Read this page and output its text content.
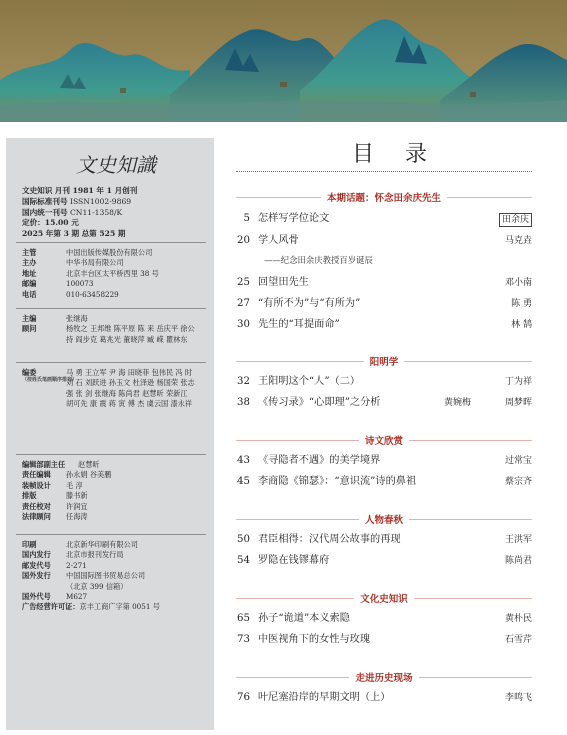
文史知識
文史知识 月刊 1981 年 1 月创刊
国际标准刊号 ISSN1002-9869
国内统一刊号 CN11-1358/K
定价：15.00 元
2025 年第 3 期 总第 525 期
主管	中国出版传媒股份有限公司
主办	中华书局有限公司
地址	北京丰台区太平桥西里 38 号
邮编	100073
电话	010-63458229
主编	张继海
顾问	杨牧之 王邦维 陈平原 陈 来 岳庆平 徐公持 阎步克 葛兆光 董晓萍 臧 嵘 瞿林东
编委
（按姓氏笔画顺序排列）
马 勇 王立军 尹 海 田晓菲 包伟民 冯 时 刘 石 刘跃进 孙玉文 杜泽逊 杨国荣 张志强 张 剑 张继海 陈尚君 赵慧昕 荣新江 胡可先 康 震 蒋 寅 傅 杰 虞云国 漆永祥
编辑部副主任	赵慧昕
责任编辑	孙永娟 谷美鹏
装帧设计	毛 淳
排版	滕书新
责任校对	许润宜
法律顾问	任海涛
印刷	北京新华印刷有限公司
国内发行	北京市报刊发行局
邮发代号	2-271
国外发行	中国国际图书贸易总公司
（北京 399 信箱）
国外代号	M627
广告经营许可证： 京丰工商广字第 0051 号
目 录
本期话题：怀念田余庆先生
5 怎样写学位论文	田余庆
20 学人风骨	马克垚
——纪念田余庆教授百岁诞辰
25 回望田先生	邓小南
27 “有所不为”与“有所为”	陈 勇
30 先生的“耳提面命”	林 鹄
阳明学
32 王阳明这个“人”（二）	丁为祥
38 《传习录》“心即理”之分析	黄婉梅	周梦晖
诗文欣赏
43 《寻隐者不遇》的美学境界	过常宝
45 李商隐《锦瑟》：“意识流”诗的鼻祖	蔡宗齐
人物春秋
50 君臣相得：汉代周公故事的再现	王洪军
54 罗隐在钱镠幕府	陈尚君
文化史知识
65 孙子“诡道”本义索隐	黄朴民
73 中医视角下的女性与玫瑰	石雪芹
走进历史现场
76 叶尼塞沿岸的早期文明（上）	李鸣飞
